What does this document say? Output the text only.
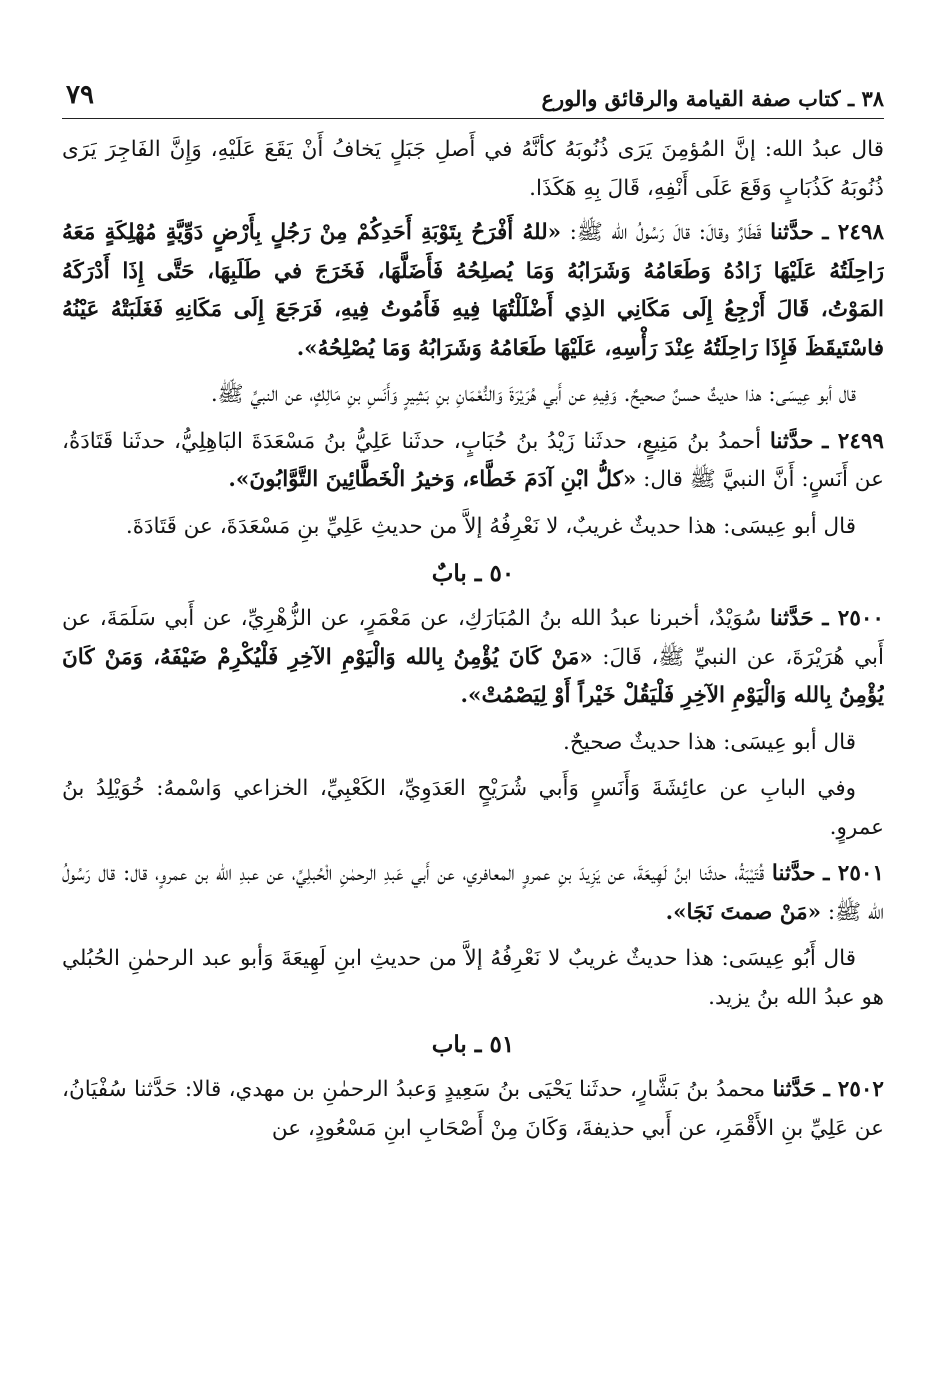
٣٨ ـ كتاب صفة القيامة والرقائق والورع
٧٩

قال عبدُ الله: إنَّ المُؤمِنَ يَرَى ذُنُوبَهُ كأنَّهُ في أَصلِ جَبَلٍ يَخافُ أَنْ يَقَعَ عَلَيْهِ، وَإِنَّ الفَاجِرَ يَرَى ذُنُوبَهُ كَذُبَابٍ وَقَعَ عَلَى أَنْفِهِ، قَالَ بِهِ هَكَذَا.

٢٤٩٨ ـ حدَّثنا قَطَارٌ وقالَ: قالَ رَسُولُ الله ﷺ: «للهُ أَفْرَحُ بِتَوْبَةِ أَحَدِكُمْ مِنْ رَجُلٍ بِأَرْضٍ دَوِّيَّةٍ مُهْلِكَةٍ مَعَهُ رَاحِلَتُهُ عَلَيْهَا زَادُهُ وَطَعَامُهُ وَشَرَابُهُ وَمَا يُصلِحُهُ فَأَضَلَّهَا، فَخَرَجَ في طَلَبِهَا، حَتَّى إِذَا أَدْرَكَهُ المَوْتُ، قَالَ أَرْجِعُ إِلَى مَكَانِي الذِي أَضْلَلْتُهَا فِيهِ فَأَمُوتُ فِيهِ، فَرَجَعَ إِلَى مَكَانِهِ فَغَلَبَتْهُ عَيْنُهُ فاسْتَيقَظَ فَإِذَا رَاحِلَتُهُ عِنْدَ رَأْسِهِ، عَلَيْهَا طَعَامُهُ وَشَرَابُهُ وَمَا يُصْلِحُهُ».

قال أبو عِيسَى: هذا حديثٌ حسنٌ صحيحٌ. وَفِيهِ عن أَبي هُرَيْرَةَ وَالنُّعْمَانِ بنِ بَشِيرٍ وَأَنَسِ بنِ مَالِكٍ، عن النبيِّ ﷺ.

٢٤٩٩ ـ حدَّثنا أحمدُ بنُ مَنِيعٍ، حدثَنا زَيْدُ بنُ حُبَابٍ، حدثَنا عَلِيُّ بنُ مَسْعَدَةَ البَاهِلِيُّ، حدثَنا قَتَادَةُ، عن أَنَسٍ: أَنَّ النبيَّ ﷺ قال: «كلُّ ابْنِ آدَمَ خَطَّاء، وَخيرُ الْخَطَّائِينَ التَّوَّابُونَ».

قال أبو عِيسَى: هذا حديثٌ غريبٌ، لا نَعْرِفُهُ إلاَّ من حديثِ عَلِيِّ بنِ مَسْعَدَةَ، عن قَتَادَةَ.

٥٠ ـ بابٌ

٢٥٠٠ ـ حَدَّثنا سُوَيْدٌ، أخبرنا عبدُ الله بنُ المُبَارَكِ، عن مَعْمَرٍ، عن الزُّهْرِيِّ، عن أَبي سَلَمَةَ، عن أَبي هُرَيْرَةَ، عن النبيِّ ﷺ، قَالَ: «مَنْ كَانَ يُؤْمِنُ بِالله وَالْيَوْمِ الآخِرِ فَلْيُكْرِمْ ضَيْفَهُ، وَمَنْ كَانَ يُؤْمِنُ بِالله وَالْيَوْمِ الآخِرِ فَلْيَقُلْ خَيْراً أَوْ لِيَصْمُتْ».

قال أبو عِيسَى: هذا حديثٌ صحيحٌ.

وفي البابِ عن عائِشَةَ وَأَنَسٍ وَأَبي شُرَيْحٍ العَدَوِيِّ، الكَعْبِيِّ، الخزاعي وَاسْمهُ: خُوَيْلِدُ بنُ عمروٍ.

٢٥٠١ ـ حدَّثنا قُتَيْبَةُ، حدثَنا ابنُ لَهِيعَةَ، عن يَزِيدَ بنِ عمروٍ المعافري، عن أَبي عَبدِ الرحمٰنِ الْحُبلِيِّ، عن عبدِ الله بن عمروٍ، قال: قال رَسُولُ الله ﷺ: «مَنْ صمتَ نَجَا».

قال أَبُو عِيسَى: هذا حديثٌ غريبٌ لا نَعْرِفُهُ إلاَّ من حديثِ ابنِ لَهِيعَةَ وَأبو عبد الرحمٰنِ الحُبُلي هو عبدُ الله بنُ يزيد.

٥١ ـ باب

٢٥٠٢ ـ حَدَّثنا محمدُ بنُ بَشَّارٍ، حدثَنا يَحْيَى بنُ سَعِيدٍ وَعبدُ الرحمٰنِ بن مهدي، قالا: حَدَّثنا سُفْيَانُ، عن عَلِيِّ بنِ الأَقْمَرِ، عن أَبي حذيفةَ، وَكَانَ مِنْ أَصْحَابِ ابنِ مَسْعُودٍ، عن
